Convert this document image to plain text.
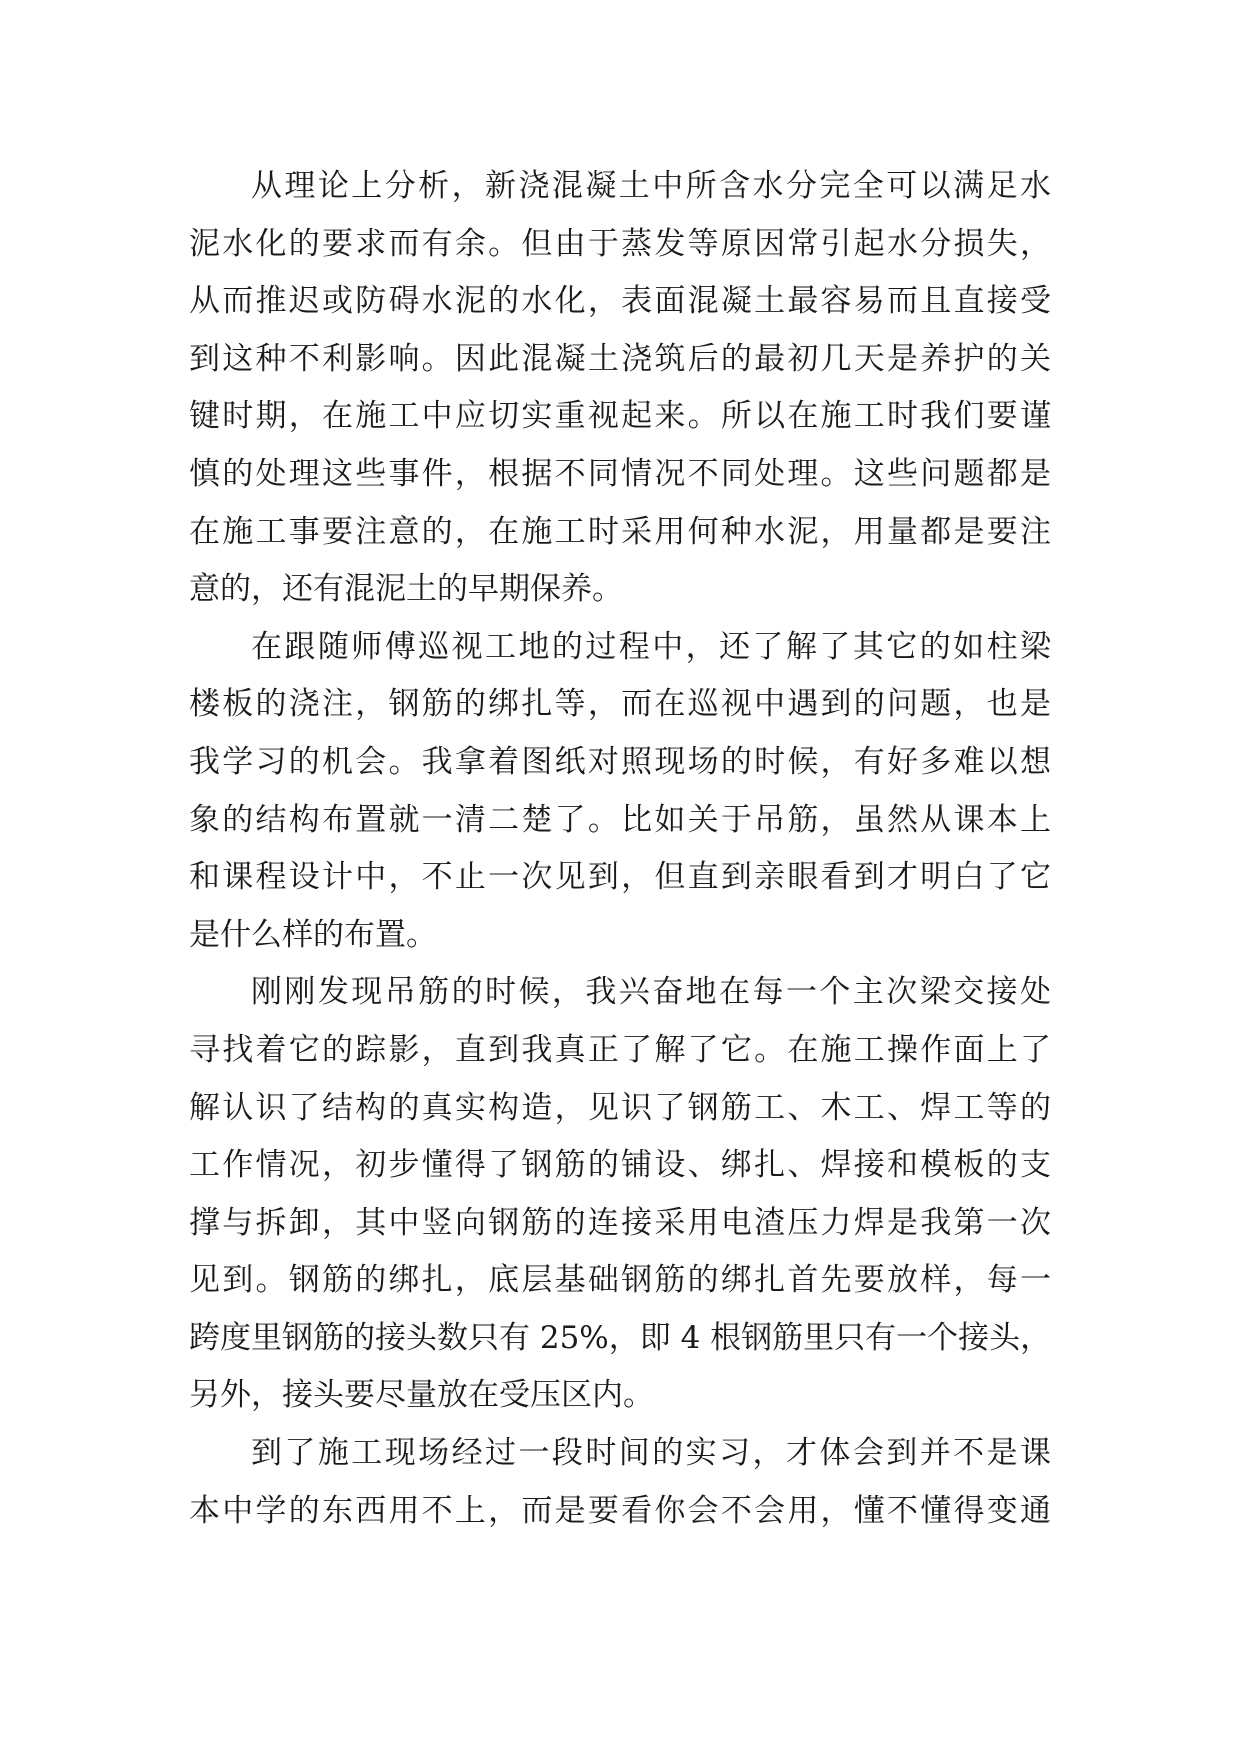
从理论上分析，新浇混凝土中所含水分完全可以满足水
泥水化的要求而有余。但由于蒸发等原因常引起水分损失，
从而推迟或防碍水泥的水化，表面混凝土最容易而且直接受
到这种不利影响。因此混凝土浇筑后的最初几天是养护的关
键时期，在施工中应切实重视起来。所以在施工时我们要谨
慎的处理这些事件，根据不同情况不同处理。这些问题都是
在施工事要注意的，在施工时采用何种水泥，用量都是要注
意的，还有混泥土的早期保养。
在跟随师傅巡视工地的过程中，还了解了其它的如柱梁
楼板的浇注，钢筋的绑扎等，而在巡视中遇到的问题，也是
我学习的机会。我拿着图纸对照现场的时候，有好多难以想
象的结构布置就一清二楚了。比如关于吊筋，虽然从课本上
和课程设计中，不止一次见到，但直到亲眼看到才明白了它
是什么样的布置。
刚刚发现吊筋的时候，我兴奋地在每一个主次梁交接处
寻找着它的踪影，直到我真正了解了它。在施工操作面上了
解认识了结构的真实构造，见识了钢筋工、木工、焊工等的
工作情况，初步懂得了钢筋的铺设、绑扎、焊接和模板的支
撑与拆卸，其中竖向钢筋的连接采用电渣压力焊是我第一次
见到。钢筋的绑扎，底层基础钢筋的绑扎首先要放样，每一
跨度里钢筋的接头数只有 25%，即 4 根钢筋里只有一个接头，
另外，接头要尽量放在受压区内。
到了施工现场经过一段时间的实习，才体会到并不是课
本中学的东西用不上，而是要看你会不会用，懂不懂得变通
